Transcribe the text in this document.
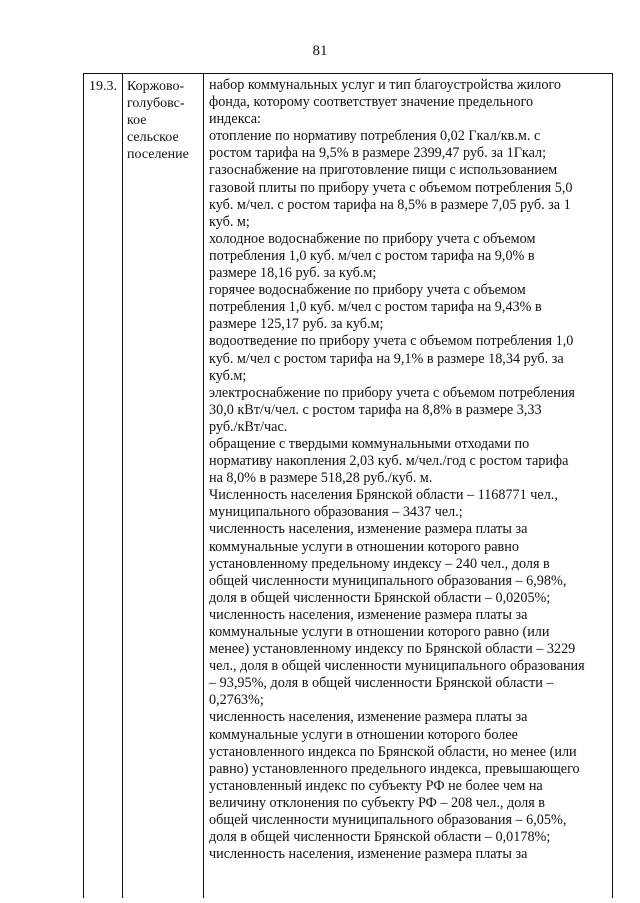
81
19.3. Коржово-
голубовс-
кое
сельское
поселение
набор коммунальных услуг и тип благоустройства жилого
фонда, которому соответствует значение предельного
индекса:
отопление по нормативу потребления 0,02 Гкал/кв.м. с
ростом тарифа на 9,5% в размере 2399,47 руб. за 1Гкал;
газоснабжение на приготовление пищи с использованием
газовой плиты по прибору учета с объемом потребления 5,0
куб. м/чел. с ростом тарифа на 8,5% в размере 7,05 руб. за 1
куб. м;
холодное водоснабжение по прибору учета с объемом
потребления 1,0 куб. м/чел с ростом тарифа на 9,0% в
размере 18,16 руб. за куб.м;
горячее водоснабжение по прибору учета с объемом
потребления 1,0 куб. м/чел с ростом тарифа на 9,43% в
размере 125,17 руб. за куб.м;
водоотведение по прибору учета с объемом потребления 1,0
куб. м/чел с ростом тарифа на 9,1% в размере 18,34 руб. за
куб.м;
электроснабжение по прибору учета с объемом потребления
30,0 кВт/ч/чел. с ростом тарифа на 8,8% в размере 3,33
руб./кВт/час.
обращение с твердыми коммунальными отходами по
нормативу накопления 2,03 куб. м/чел./год с ростом тарифа
на 8,0% в размере 518,28 руб./куб. м.
Численность населения Брянской области – 1168771 чел.,
муниципального образования – 3437 чел.;
численность населения, изменение размера платы за
коммунальные услуги в отношении которого равно
установленному предельному индексу – 240 чел., доля в
общей численности муниципального образования – 6,98%,
доля в общей численности Брянской области – 0,0205%;
численность населения, изменение размера платы за
коммунальные услуги в отношении которого равно (или
менее) установленному индексу по Брянской области – 3229
чел., доля в общей численности муниципального образования
– 93,95%, доля в общей численности Брянской области –
0,2763%;
численность населения, изменение размера платы за
коммунальные услуги в отношении которого более
установленного индекса по Брянской области, но менее (или
равно) установленного предельного индекса, превышающего
установленный индекс по субъекту РФ не более чем на
величину отклонения по субъекту РФ – 208 чел., доля в
общей численности муниципального образования – 6,05%,
доля в общей численности Брянской области – 0,0178%;
численность населения, изменение размера платы за
